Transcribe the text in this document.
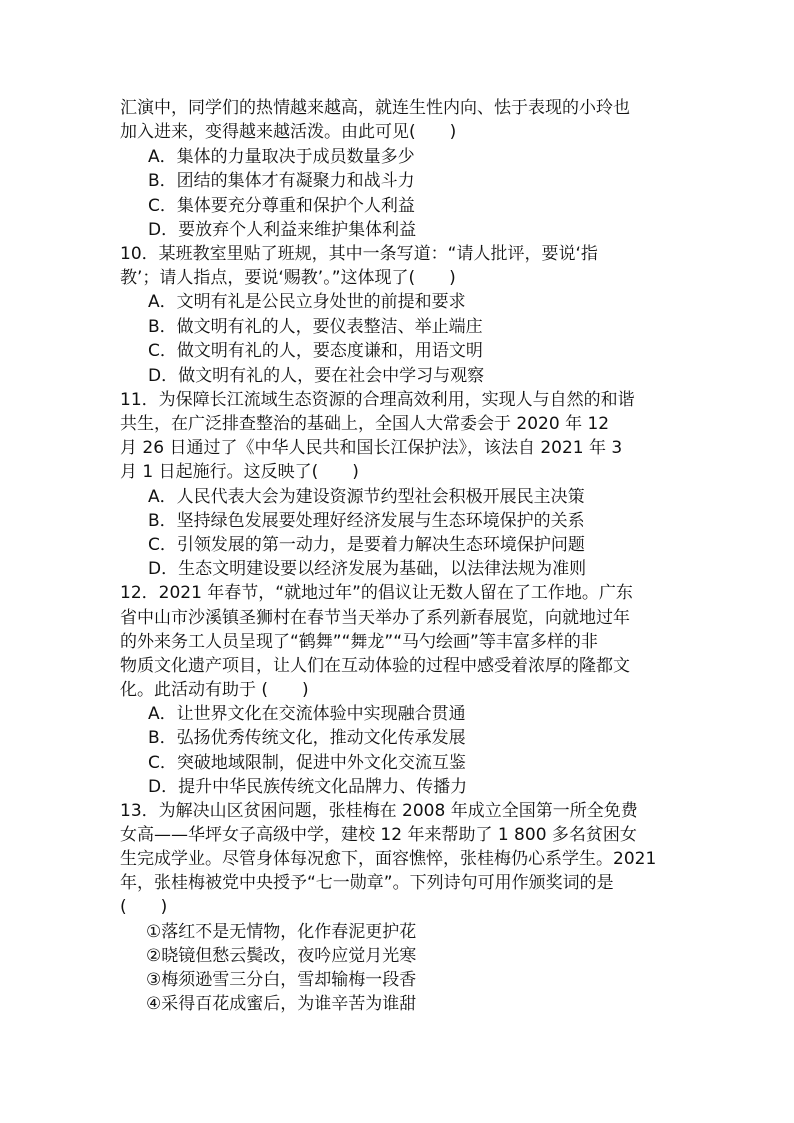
汇演中，同学们的热情越来越高，就连生性内向、怯于表现的小玲也
加入进来，变得越来越活泼。由此可见(　　)
A．集体的力量取决于成员数量多少
B．团结的集体才有凝聚力和战斗力
C．集体要充分尊重和保护个人利益
D．要放弃个人利益来维护集体利益
10．某班教室里贴了班规，其中一条写道：“请人批评，要说‘指
教’；请人指点，要说‘赐教’。”这体现了(　　)
A．文明有礼是公民立身处世的前提和要求
B．做文明有礼的人，要仪表整洁、举止端庄
C．做文明有礼的人，要态度谦和，用语文明
D．做文明有礼的人，要在社会中学习与观察
11．为保障长江流域生态资源的合理高效利用，实现人与自然的和谐
共生，在广泛排查整治的基础上，全国人大常委会于 2020 年 12
月 26 日通过了《中华人民共和国长江保护法》，该法自 2021 年 3
月 1 日起施行。这反映了(　　)
A．人民代表大会为建设资源节约型社会积极开展民主决策
B．坚持绿色发展要处理好经济发展与生态环境保护的关系
C．引领发展的第一动力，是要着力解决生态环境保护问题
D．生态文明建设要以经济发展为基础，以法律法规为准则
12．2021 年春节，“就地过年”的倡议让无数人留在了工作地。广东
省中山市沙溪镇圣狮村在春节当天举办了系列新春展览，向就地过年
的外来务工人员呈现了“鹤舞”“舞龙”“马勺绘画”等丰富多样的非
物质文化遗产项目，让人们在互动体验的过程中感受着浓厚的隆都文
化。此活动有助于 (　　)
A．让世界文化在交流体验中实现融合贯通
B．弘扬优秀传统文化，推动文化传承发展
C．突破地域限制，促进中外文化交流互鉴
D．提升中华民族传统文化品牌力、传播力
13．为解决山区贫困问题，张桂梅在 2008 年成立全国第一所全免费
女高——华坪女子高级中学，建校 12 年来帮助了 1 800 多名贫困女
生完成学业。尽管身体每况愈下，面容憔悴，张桂梅仍心系学生。2021
年，张桂梅被党中央授予“七一勋章”。下列诗句可用作颁奖词的是
(　　)
①落红不是无情物，化作春泥更护花
②晓镜但愁云鬓改，夜吟应觉月光寒
③梅须逊雪三分白，雪却输梅一段香
④采得百花成蜜后，为谁辛苦为谁甜
